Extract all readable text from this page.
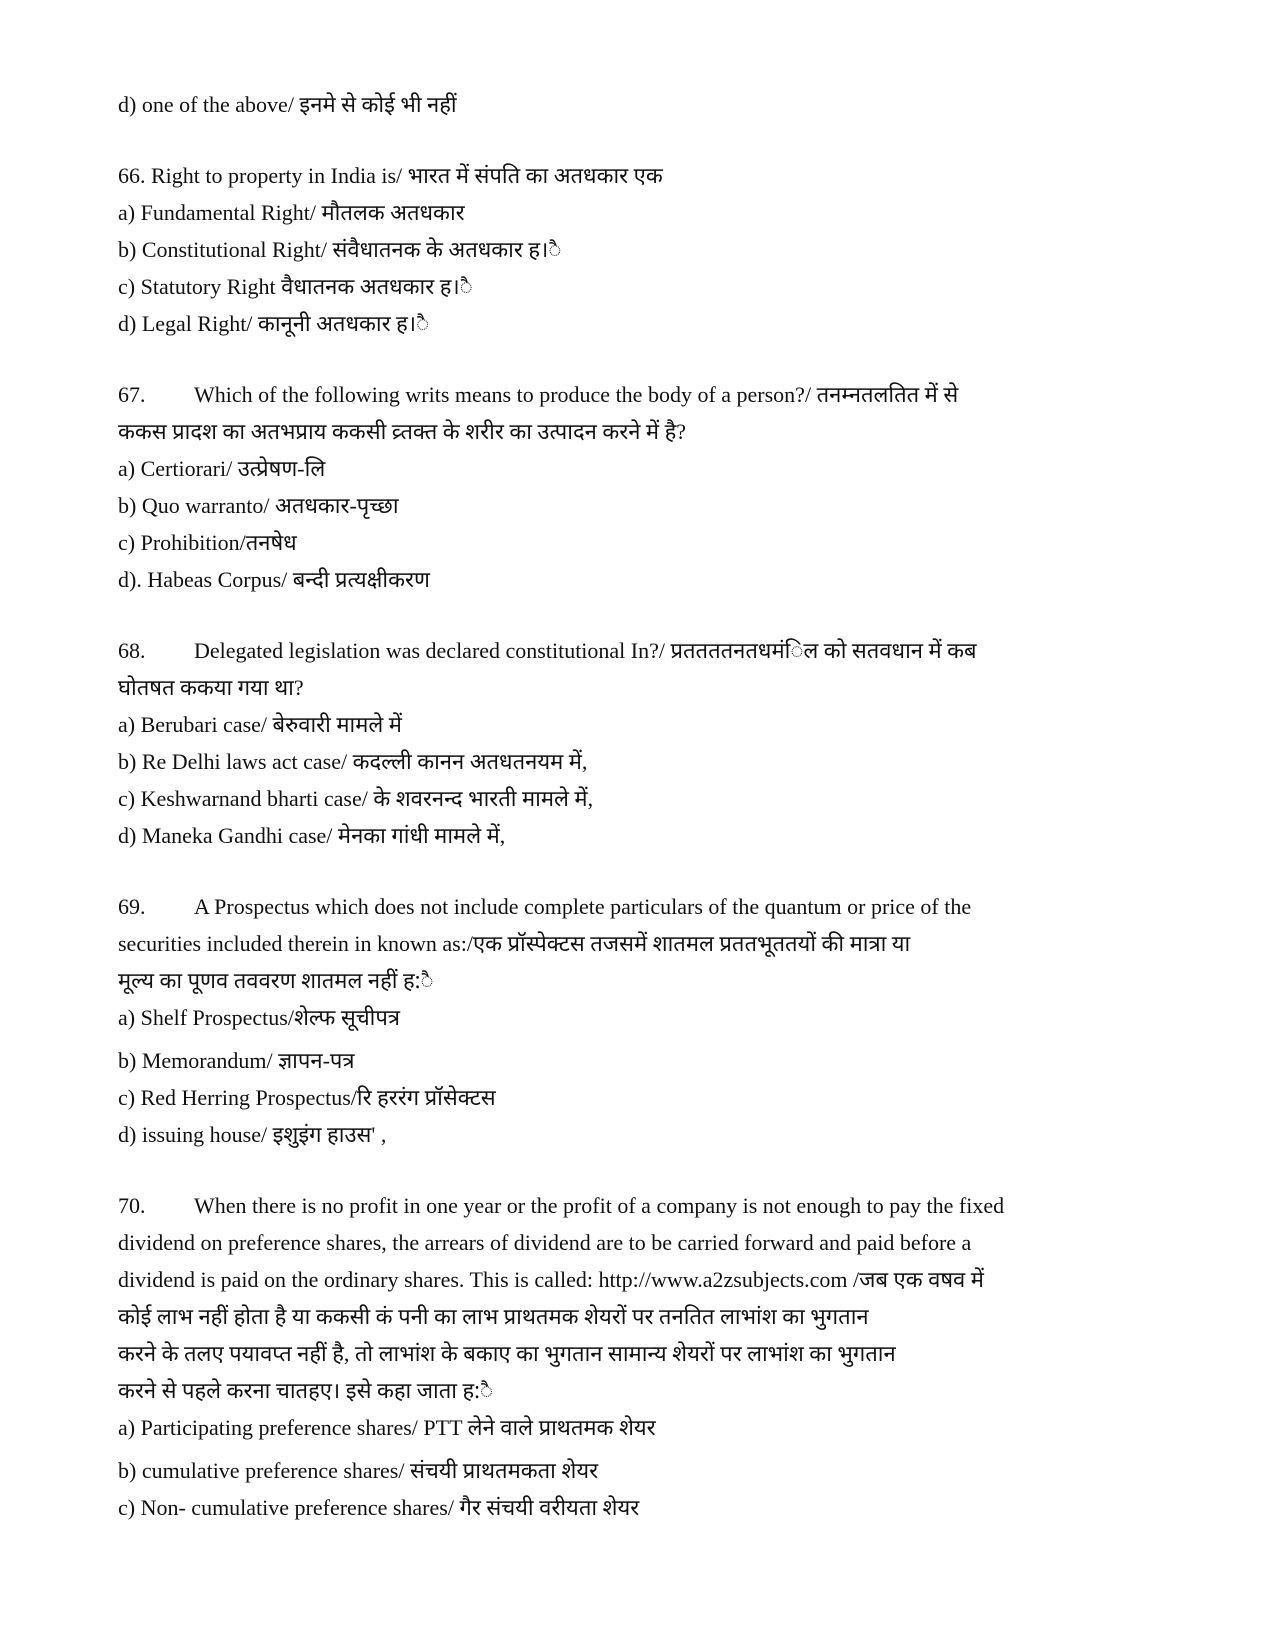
d) one of the above/ इनमे से कोई भी नहीं
66. Right to property in India is/ भारत में संपति का अतधकार एक
a) Fundamental Right/ मौतलक अतधकार
b) Constitutional Right/ संवैधातनक के अतधकार ह।ै
c) Statutory Right वैधातनक अतधकार ह।ै
d) Legal Right/ कानूनी अतधकार ह।ै
67. Which of the following writs means to produce the body of a person?/ तनम्नतलतित में से
ककस प्रादश का अतभप्राय ककसी व्र्तक्त के शरीर का उत्पादन करने में है?
a) Certiorari/ उत्प्रेषण-लि
b) Quo warranto/ अतधकार-पृच्छा
c) Prohibition/तनषेध
d). Habeas Corpus/ बन्दी प्रत्यक्षीकरण
68. Delegated legislation was declared constitutional In?/ प्रततततनतधमंिल को सतवधान में कब
घोतषत ककया गया था?
a) Berubari case/ बेरुवारी मामले में
b) Re Delhi laws act case/ कदल्ली कानन अतधतनयम में,
c) Keshwarnand bharti case/ के शवरनन्द भारती मामले में,
d) Maneka Gandhi case/ मेनका गांधी मामले में,
69. A Prospectus which does not include complete particulars of the quantum or price of the
securities included therein in known as:/एक प्रॉस्पेक्टस तजसमें शातमल प्रततभूततयों की मात्रा या
मूल्य का पूणव तववरण शातमल नहीं ह:ै
a) Shelf Prospectus/शेल्फ सूचीपत्र
b) Memorandum/ ज्ञापन-पत्र
c) Red Herring Prospectus/रि हररंग प्रॉसेक्टस
d) issuing house/ इशुइंग हाउस' ,
70. When there is no profit in one year or the profit of a company is not enough to pay the fixed
dividend on preference shares, the arrears of dividend are to be carried forward and paid before a
dividend is paid on the ordinary shares. This is called: http://www.a2zsubjects.com /जब एक वषव में
कोई लाभ नहीं होता है या ककसी कं पनी का लाभ प्राथतमक शेयरों पर तनतित लाभांश का भुगतान
करने के तलए पयावप्त नहीं है, तो लाभांश के बकाए का भुगतान सामान्य शेयरों पर लाभांश का भुगतान
करने से पहले करना चातहए। इसे कहा जाता ह:ै
a) Participating preference shares/ PTT लेने वाले प्राथतमक शेयर
b) cumulative preference shares/ संचयी प्राथतमकता शेयर
c) Non- cumulative preference shares/ गैर संचयी वरीयता शेयर
